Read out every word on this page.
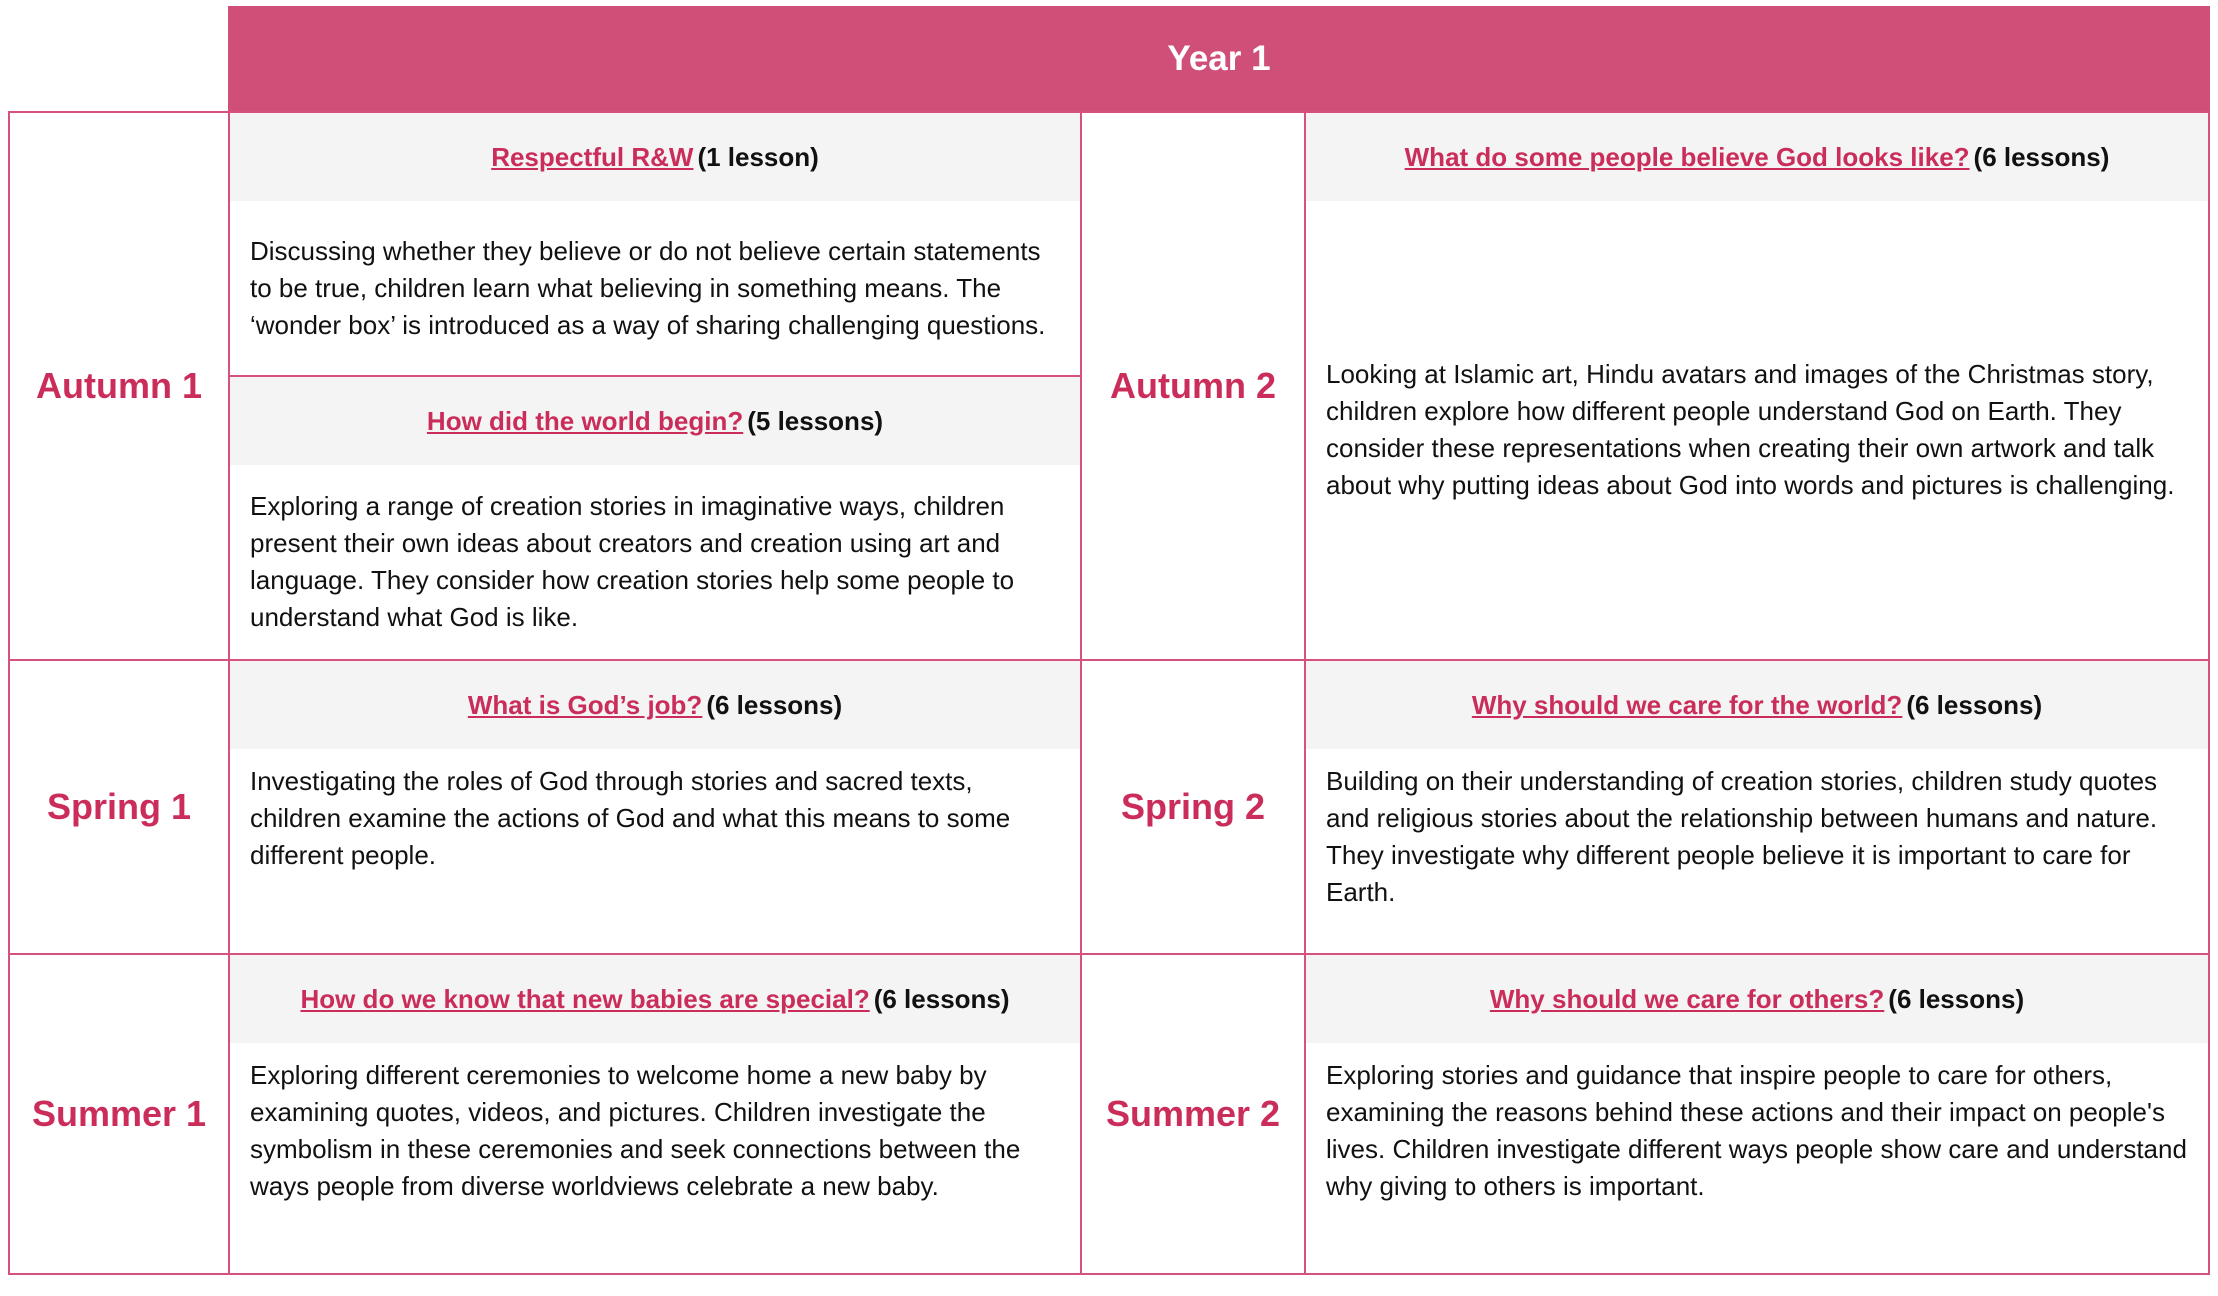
Year 1
Autumn 1
Respectful R&W (1 lesson)
Discussing whether they believe or do not believe certain statements to be true, children learn what believing in something means. The ‘wonder box’ is introduced as a way of sharing challenging questions.
How did the world begin? (5 lessons)
Exploring a range of creation stories in imaginative ways, children present their own ideas about creators and creation using art and language. They consider how creation stories help some people to understand what God is like.
Autumn 2
What do some people believe God looks like? (6 lessons)
Looking at Islamic art, Hindu avatars and images of the Christmas story, children explore how different people understand God on Earth. They consider these representations when creating their own artwork and talk about why putting ideas about God into words and pictures is challenging.
Spring 1
What is God’s job? (6 lessons)
Investigating the roles of God through stories and sacred texts, children examine the actions of God and what this means to some different people.
Spring 2
Why should we care for the world? (6 lessons)
Building on their understanding of creation stories, children study quotes and religious stories about the relationship between humans and nature. They investigate why different people believe it is important to care for Earth.
Summer 1
How do we know that new babies are special? (6 lessons)
Exploring different ceremonies to welcome home a new baby by examining quotes, videos, and pictures. Children investigate the symbolism in these ceremonies and seek connections between the ways people from diverse worldviews celebrate a new baby.
Summer 2
Why should we care for others? (6 lessons)
Exploring stories and guidance that inspire people to care for others, examining the reasons behind these actions and their impact on people's lives. Children investigate different ways people show care and understand why giving to others is important.
